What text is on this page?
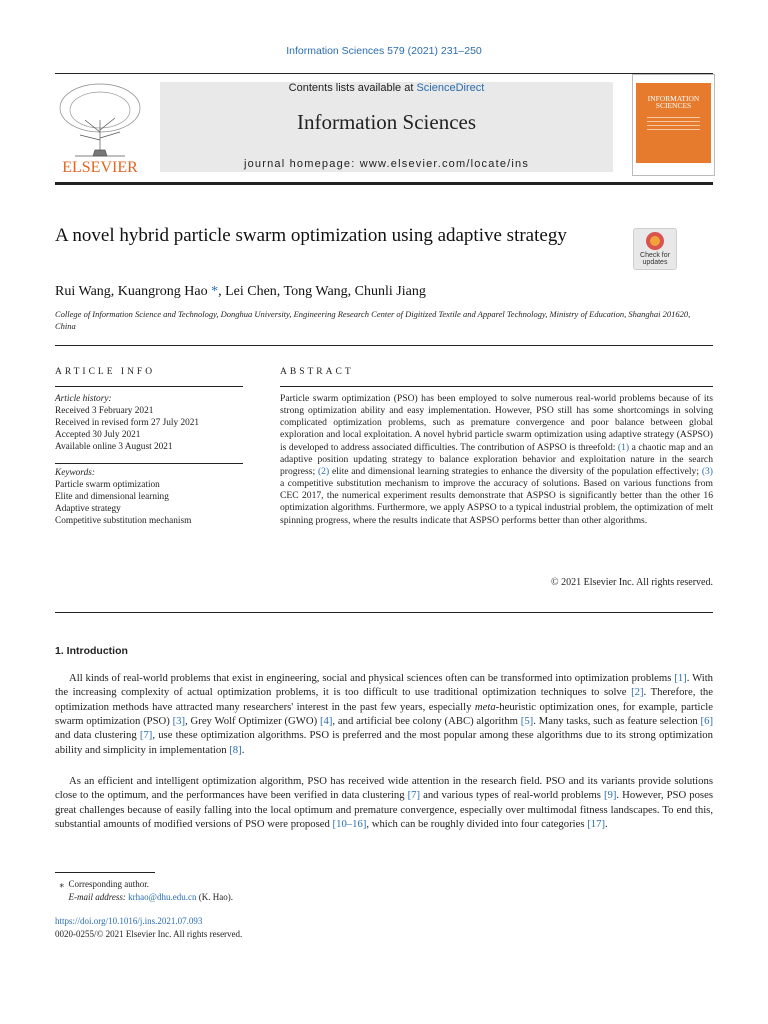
Information Sciences 579 (2021) 231–250
ELSEVIER
Contents lists available at ScienceDirect
Information Sciences
journal homepage: www.elsevier.com/locate/ins
INFORMATION
SCIENCES
A novel hybrid particle swarm optimization using adaptive strategy
Check for
updates
Rui Wang, Kuangrong Hao *, Lei Chen, Tong Wang, Chunli Jiang
College of Information Science and Technology, Donghua University, Engineering Research Center of Digitized Textile and Apparel Technology, Ministry of Education, Shanghai 201620, China
ARTICLE INFO	ABSTRACT
Article history:
Received 3 February 2021
Received in revised form 27 July 2021
Accepted 30 July 2021
Available online 3 August 2021
Keywords:
Particle swarm optimization
Elite and dimensional learning
Adaptive strategy
Competitive substitution mechanism
Particle swarm optimization (PSO) has been employed to solve numerous real-world problems because of its strong optimization ability and easy implementation. However, PSO still has some shortcomings in solving complicated optimization problems, such as premature convergence and poor balance between global exploration and local exploitation. A novel hybrid particle swarm optimization using adaptive strategy (ASPSO) is developed to address associated difficulties. The contribution of ASPSO is threefold: (1) a chaotic map and an adaptive position updating strategy to balance exploration behavior and exploitation nature in the search progress; (2) elite and dimensional learning strategies to enhance the diversity of the population effectively; (3) a competitive substitution mechanism to improve the accuracy of solutions. Based on various functions from CEC 2017, the numerical experiment results demonstrate that ASPSO is significantly better than the other 16 optimization algorithms. Furthermore, we apply ASPSO to a typical industrial problem, the optimization of melt spinning progress, where the results indicate that ASPSO performs better than other algorithms.
© 2021 Elsevier Inc. All rights reserved.
1. Introduction
All kinds of real-world problems that exist in engineering, social and physical sciences often can be transformed into optimization problems [1]. With the increasing complexity of actual optimization problems, it is too difficult to use traditional optimization techniques to solve [2]. Therefore, the optimization methods have attracted many researchers' interest in the past few years, especially meta-heuristic optimization ones, for example, particle swarm optimization (PSO) [3], Grey Wolf Optimizer (GWO) [4], and artificial bee colony (ABC) algorithm [5]. Many tasks, such as feature selection [6] and data clustering [7], use these optimization algorithms. PSO is preferred and the most popular among these algorithms due to its strong optimization ability and simplicity in implementation [8].
As an efficient and intelligent optimization algorithm, PSO has received wide attention in the research field. PSO and its variants provide solutions close to the optimum, and the performances have been verified in data clustering [7] and various types of real-world problems [9]. However, PSO poses great challenges because of easily falling into the local optimum and premature convergence, especially over multimodal fitness landscapes. To end this, substantial amounts of modified versions of PSO were proposed [10–16], which can be roughly divided into four categories [17].
⁎ Corresponding author.
E-mail address: krhao@dhu.edu.cn (K. Hao).
https://doi.org/10.1016/j.ins.2021.07.093
0020-0255/© 2021 Elsevier Inc. All rights reserved.
